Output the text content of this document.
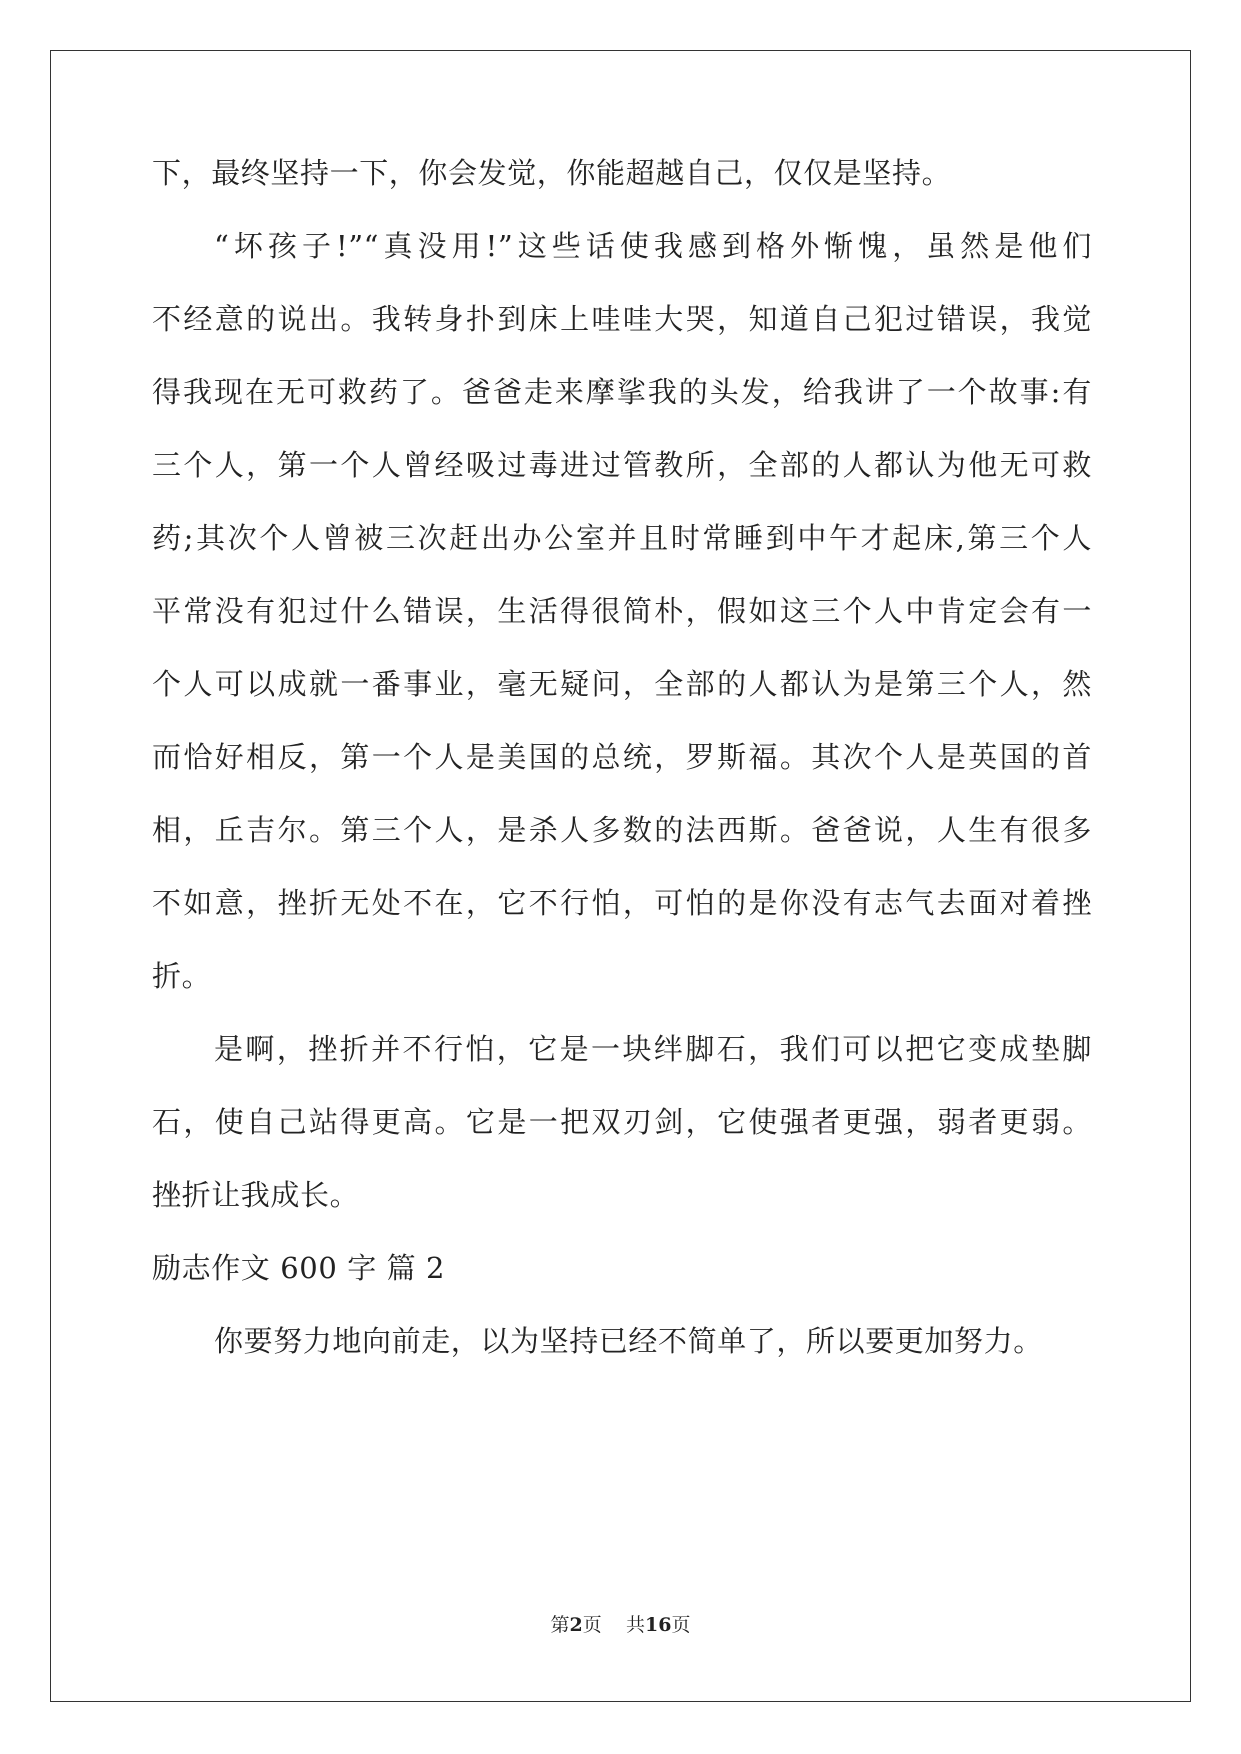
下，最终坚持一下，你会发觉，你能超越自己，仅仅是坚持。
“坏孩子!”“真没用!”这些话使我感到格外惭愧，虽然是他们
不经意的说出。我转身扑到床上哇哇大哭，知道自己犯过错误，我觉
得我现在无可救药了。爸爸走来摩挲我的头发，给我讲了一个故事:有
三个人，第一个人曾经吸过毒进过管教所，全部的人都认为他无可救
药;其次个人曾被三次赶出办公室并且时常睡到中午才起床,第三个人
平常没有犯过什么错误，生活得很简朴，假如这三个人中肯定会有一
个人可以成就一番事业，毫无疑问，全部的人都认为是第三个人，然
而恰好相反，第一个人是美国的总统，罗斯福。其次个人是英国的首
相，丘吉尔。第三个人，是杀人多数的法西斯。爸爸说，人生有很多
不如意，挫折无处不在，它不行怕，可怕的是你没有志气去面对着挫
折。
是啊，挫折并不行怕，它是一块绊脚石，我们可以把它变成垫脚
石，使自己站得更高。它是一把双刃剑，它使强者更强，弱者更弱。
挫折让我成长。
励志作文 600 字 篇 2
你要努力地向前走，以为坚持已经不简单了，所以要更加努力。
第2页 共16页
